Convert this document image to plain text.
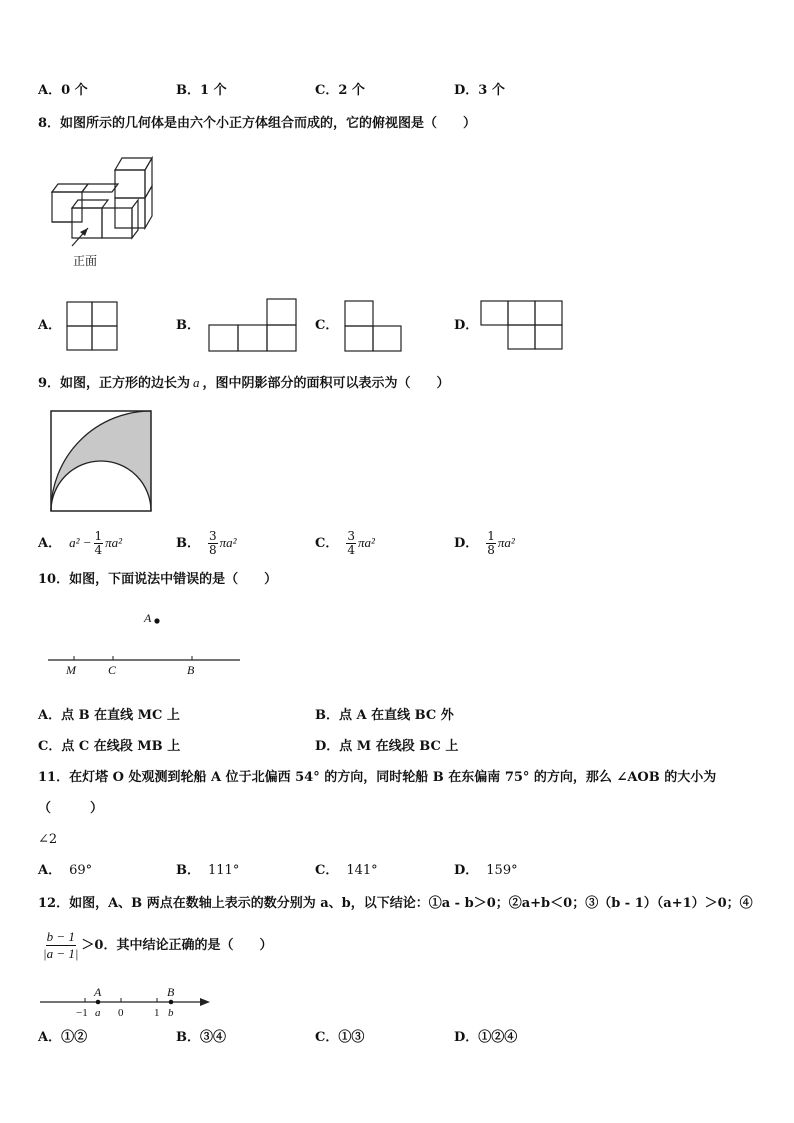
A．0 个	B．1 个	C．2 个	D．3 个
8．如图所示的几何体是由六个小正方体组合而成的，它的俯视图是（　　）
正面
A．	B．	C．	D．
9．如图，正方形的边长为 a ，图中阴影部分的面积可以表示为（　　）
A． $a^2 - \frac{1}{4} \pi a^2$	B． $\frac{3}{8} \pi a^2$	C． $\frac{3}{4} \pi a^2$	D． $\frac{1}{8} \pi a^2$
10．如图，下面说法中错误的是（　　）
A
M	C	B
A．点 B 在直线 MC 上	B．点 A 在直线 BC 外
C．点 C 在线段 MB 上	D．点 M 在线段 BC 上
11．在灯塔 O 处观测到轮船 A 位于北偏西 54° 的方向，同时轮船 B 在东偏南 75° 的方向，那么 ∠AOB 的大小为
（　　　）
∠2
A． 69°	B． 111°	C． 141°	D． 159°
12．如图，A、B 两点在数轴上表示的数分别为 a、b，以下结论：①a - b＞0；②a+b＜0；③（b - 1）（a+1）＞0；④
$\frac{b - 1}{|a - 1|} >0$．其中结论正确的是（　　）
A	B
−1 a 0	1 b
A．①②	B．③④	C．①③	D．①②④
